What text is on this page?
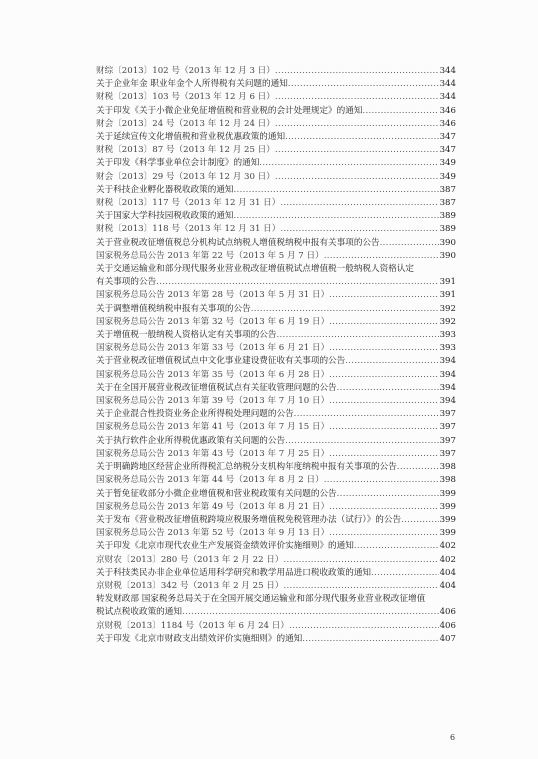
财综〔2013〕102 号（2013 年 12 月 3 日） .....	344
关于企业年金 职业年金个人所得税有关问题的通知 .....	344
财税〔2013〕103 号（2013 年 12 月 6 日） .....	344
关于印发《关于小微企业免征增值税和营业税的会计处理规定》的通知 .....	346
财会〔2013〕24 号（2013 年 12 月 24 日） .....	346
关于延续宣传文化增值税和营业税优惠政策的通知 .....	347
财税〔2013〕87 号（2013 年 12 月 25 日） .....	347
关于印发《科学事业单位会计制度》的通知 .....	349
财会〔2013〕29 号（2013 年 12 月 30 日） .....	349
关于科技企业孵化器税收政策的通知 .....	387
财税〔2013〕117 号（2013 年 12 月 31 日） .....	387
关于国家大学科技园税收政策的通知 .....	389
财税〔2013〕118 号（2013 年 12 月 31 日） .....	389
关于营业税改征增值税总分机构试点纳税人增值税纳税申报有关事项的公告 .....	390
国家税务总局公告 2013 年第 22 号（2013 年 5 月 7 日） .....	390
关于交通运输业和部分现代服务业营业税改征增值税试点增值税一般纳税人资格认定
有关事项的公告 .....	391
国家税务总局公告 2013 年第 28 号（2013 年 5 月 31 日） .....	391
关于调整增值税纳税申报有关事项的公告 .....	392
国家税务总局公告 2013 年第 32 号（2013 年 6 月 19 日） .....	392
关于增值税一般纳税人资格认定有关事项的公告 .....	393
国家税务总局公告 2013 年第 33 号（2013 年 6 月 21 日） .....	393
关于营业税改征增值税试点中文化事业建设费征收有关事项的公告 .....	394
国家税务总局公告 2013 年第 35 号（2013 年 6 月 28 日） .....	394
关于在全国开展营业税改征增值税试点有关征收管理问题的公告 .....	394
国家税务总局公告 2013 年第 39 号（2013 年 7 月 10 日） .....	394
关于企业混合性投资业务企业所得税处理问题的公告 .....	397
国家税务总局公告 2013 年第 41 号（2013 年 7 月 15 日） .....	397
关于执行软件企业所得税优惠政策有关问题的公告 .....	397
国家税务总局公告 2013 年第 43 号（2013 年 7 月 25 日） .....	397
关于明确跨地区经营企业所得税汇总纳税分支机构年度纳税申报有关事项的公告 .....	398
国家税务总局公告 2013 年第 44 号（2013 年 8 月 2 日） .....	398
关于暂免征收部分小微企业增值税和营业税政策有关问题的公告 .....	399
国家税务总局公告 2013 年第 49 号（2013 年 8 月 21 日） .....	399
关于发布《营业税改征增值税跨境应税服务增值税免税管理办法（试行）》的公告 .....	399
国家税务总局公告 2013 年第 52 号（2013 年 9 月 13 日） .....	399
关于印发《北京市现代农业生产发展资金绩效评价实施细则》的通知 .....	402
京财农〔2013〕280 号（2013 年 2 月 22 日） .....	402
关于科技类民办非企业单位适用科学研究和教学用品进口税收政策的通知 .....	404
京财税〔2013〕342 号（2013 年 2 月 25 日） .....	404
转发财政部 国家税务总局关于在全国开展交通运输业和部分现代服务业营业税改征增值
税试点税收政策的通知 .....	406
京财税〔2013〕1184 号（2013 年 6 月 24 日） .....	406
关于印发《北京市财政支出绩效评价实施细则》的通知 .....	407
6
